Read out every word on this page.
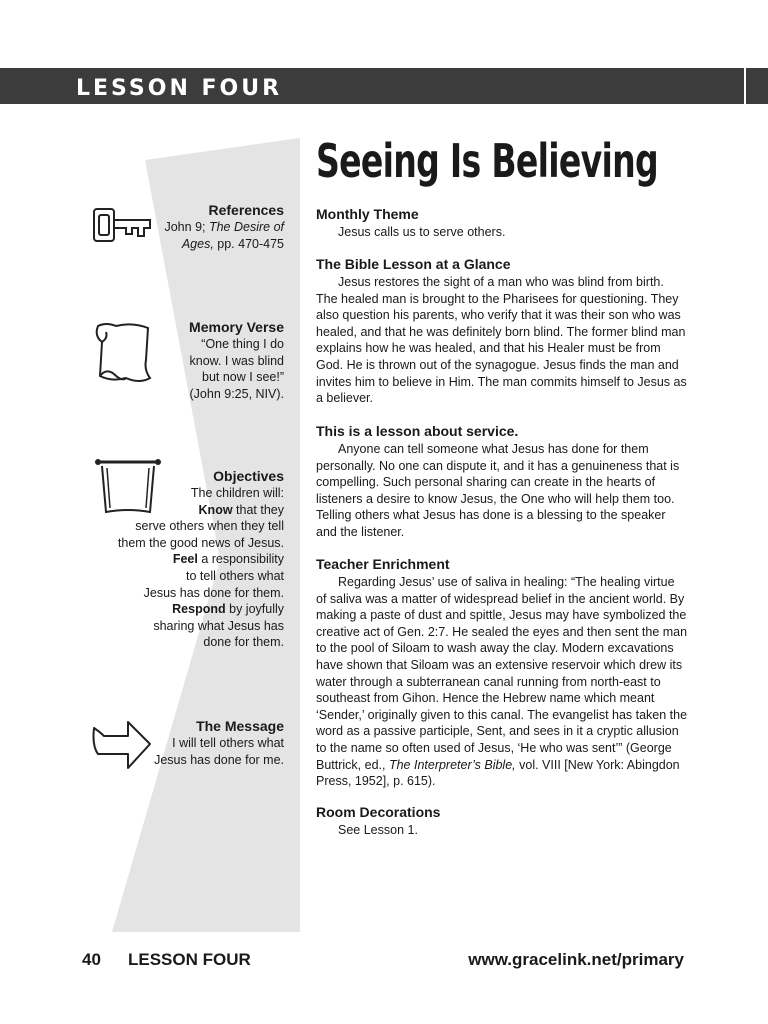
LESSON FOUR
Seeing Is Believing
References
John 9; The Desire of
Ages, pp. 470-475
Memory Verse
“One thing I do
know. I was blind
but now I see!”
(John 9:25, NIV).
Objectives
The children will:
Know that they
serve others when they tell
them the good news of Jesus.
Feel a responsibility
to tell others what
Jesus has done for them.
Respond by joyfully
sharing what Jesus has
done for them.
The Message
I will tell others what
Jesus has done for me.
Monthly Theme

Jesus calls us to serve others.

The Bible Lesson at a Glance

Jesus restores the sight of a man who was blind from birth. The healed man is brought to the Pharisees for questioning. They also question his parents, who verify that it was their son who was healed, and that he was definitely born blind. The former blind man explains how he was healed, and that his Healer must be from God. He is thrown out of the synagogue. Jesus finds the man and invites him to believe in Him. The man commits himself to Jesus as a believer.

This is a lesson about service.

Anyone can tell someone what Jesus has done for them personally. No one can dispute it, and it has a genuineness that is compelling. Such personal sharing can create in the hearts of listeners a desire to know Jesus, the One who will help them too. Telling others what Jesus has done is a blessing to the speaker and the listener.

Teacher Enrichment

Regarding Jesus’ use of saliva in healing: “The healing virtue of saliva was a matter of widespread belief in the ancient world. By making a paste of dust and spittle, Jesus may have symbolized the creative act of Gen. 2:7. He sealed the eyes and then sent the man to the pool of Siloam to wash away the clay. Modern excavations have shown that Siloam was an extensive reservoir which drew its water through a subterranean canal running from north-east to southeast from Gihon. Hence the Hebrew name which meant ‘Sender,’ originally given to this canal. The evangelist has taken the word as a passive participle, Sent, and sees in it a cryptic allusion to the name so often used of Jesus, ‘He who was sent’” (George Buttrick, ed., The Interpreter’s Bible, vol. VIII [New York: Abingdon Press, 1952], p. 615).

Room Decorations

See Lesson 1.

40 LESSON FOUR	www.gracelink.net/primary
